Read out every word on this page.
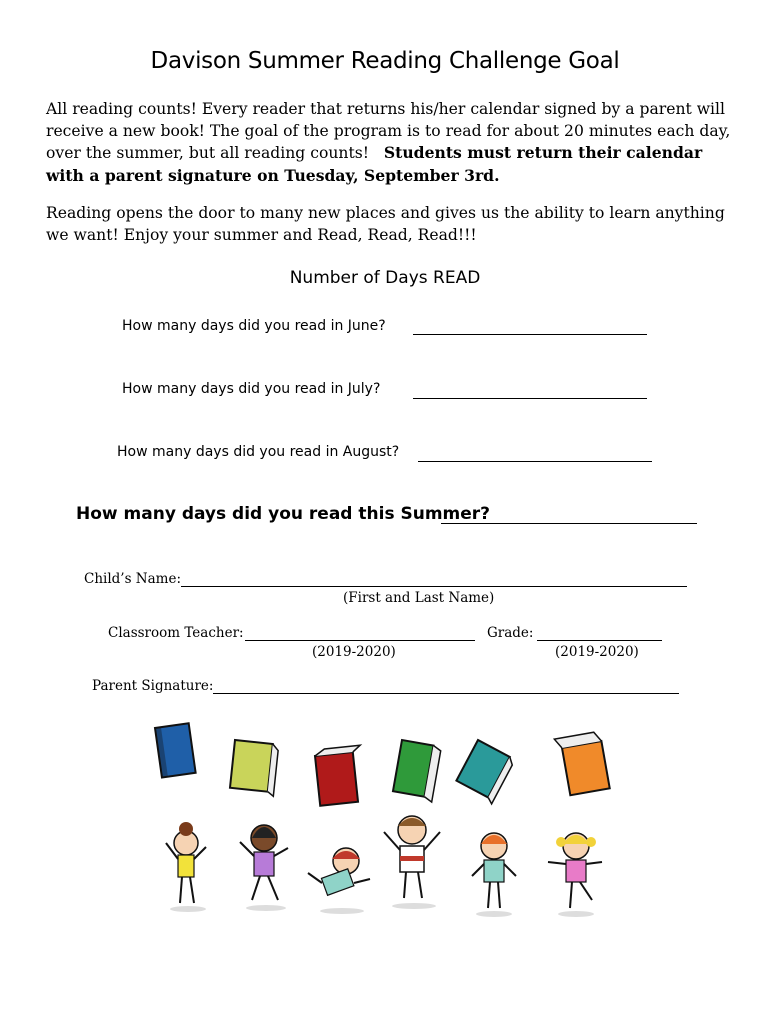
Davison Summer Reading Challenge Goal
All reading counts! Every reader that returns his/her calendar signed by a parent will
receive a new book! The goal of the program is to read for about 20 minutes each day,
over the summer, but all reading counts! Students must return their calendar
with a parent signature on Tuesday, September 3rd.
Reading opens the door to many new places and gives us the ability to learn anything
we want! Enjoy your summer and Read, Read, Read!!!
Number of Days READ
How many days did you read in June?
How many days did you read in July?
How many days did you read in August?
How many days did you read this Summer?
Child’s Name:
(First and Last Name)
Classroom Teacher:	Grade:
(2019-2020)	(2019-2020)
Parent Signature:
